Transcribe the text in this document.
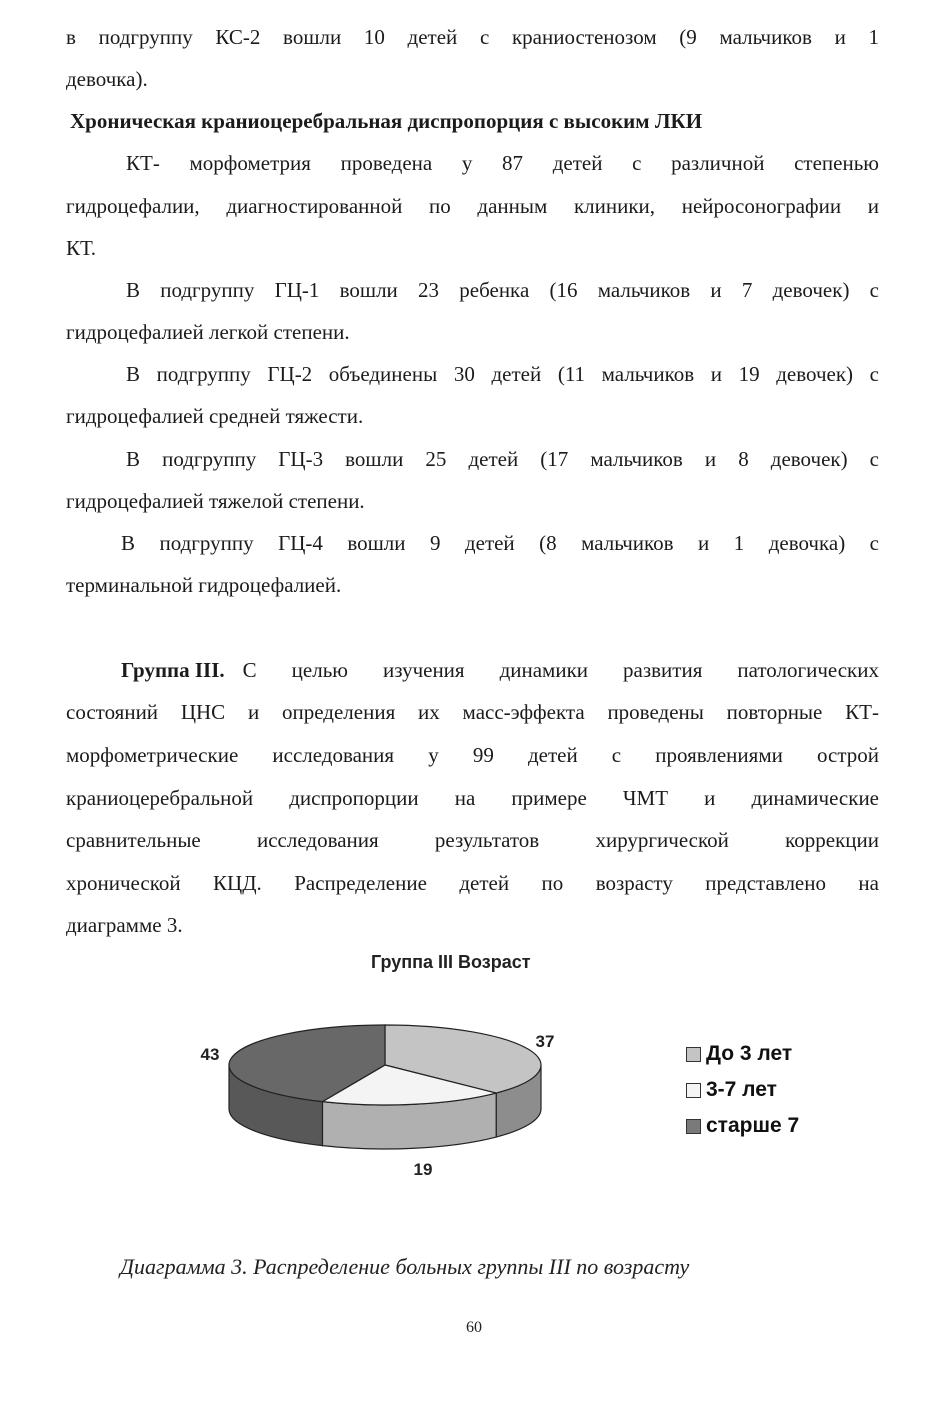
в подгруппу КС-2 вошли 10 детей с краниостенозом (9 мальчиков и 1
девочка).
Хроническая краниоцеребральная диспропорция с высоким ЛКИ
КТ- морфометрия проведена у 87 детей с различной степенью
гидроцефалии, диагностированной по данным клиники, нейросонографии и
КТ.
В подгруппу ГЦ-1 вошли 23 ребенка (16 мальчиков и 7 девочек) с
гидроцефалией легкой степени.
В подгруппу ГЦ-2 объединены 30 детей (11 мальчиков и 19 девочек) с
гидроцефалией средней тяжести.
В подгруппу ГЦ-3 вошли 25 детей (17 мальчиков и 8 девочек) с
гидроцефалией тяжелой степени.
В подгруппу ГЦ-4 вошли 9 детей (8 мальчиков и 1 девочка) с
терминальной гидроцефалией.
Группа III. С целью изучения динамики развития патологических
состояний ЦНС и определения их масс-эффекта проведены повторные КТ-
морфометрические исследования у 99 детей с проявлениями острой
краниоцеребральной диспропорции на примере ЧМТ и динамические
сравнительные исследования результатов хирургической коррекции
хронической КЦД. Распределение детей по возрасту представлено на
диаграмме 3.
Группа III Возраст
37
19
43	До 3 лет
3-7 лет
старше 7
Диаграмма 3. Распределение больных группы III по возрасту
60
